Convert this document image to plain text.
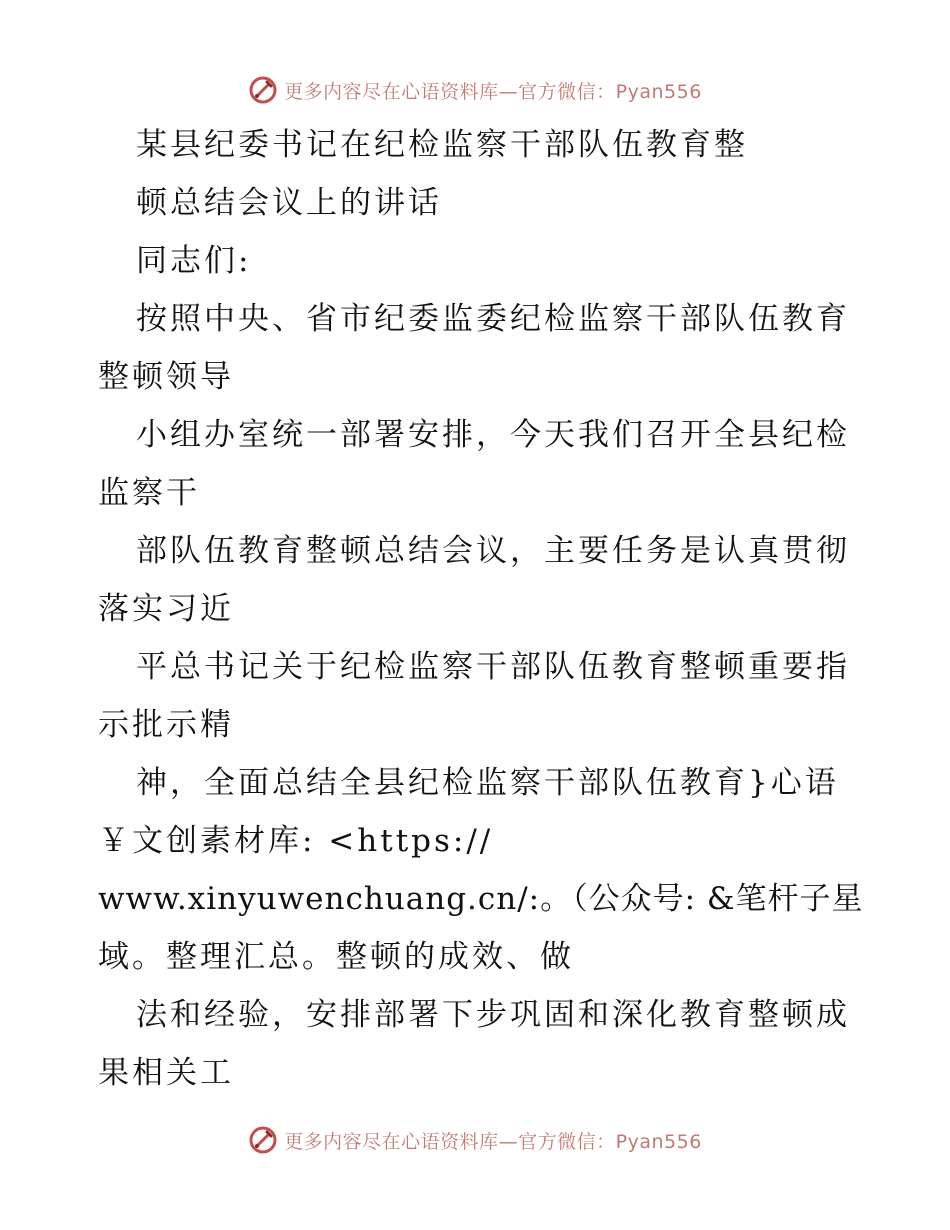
更多内容尽在心语资料库—官方微信：Pyan556
某县纪委书记在纪检监察干部队伍教育整
顿总结会议上的讲话
同志们:
按照中央、省市纪委监委纪检监察干部队伍教育
整顿领导
小组办室统一部署安排，今天我们召开全县纪检
监察干
部队伍教育整顿总结会议，主要任务是认真贯彻
落实习近
平总书记关于纪检监察干部队伍教育整顿重要指
示批示精
神，全面总结全县纪检监察干部队伍教育}心语
￥文创素材库: <https://
www.xinyuwenchuang.cn/:。（公众号: &笔杆子星
域。整理汇总。整顿的成效、做
法和经验，安排部署下步巩固和深化教育整顿成
果相关工
更多内容尽在心语资料库—官方微信：Pyan556
